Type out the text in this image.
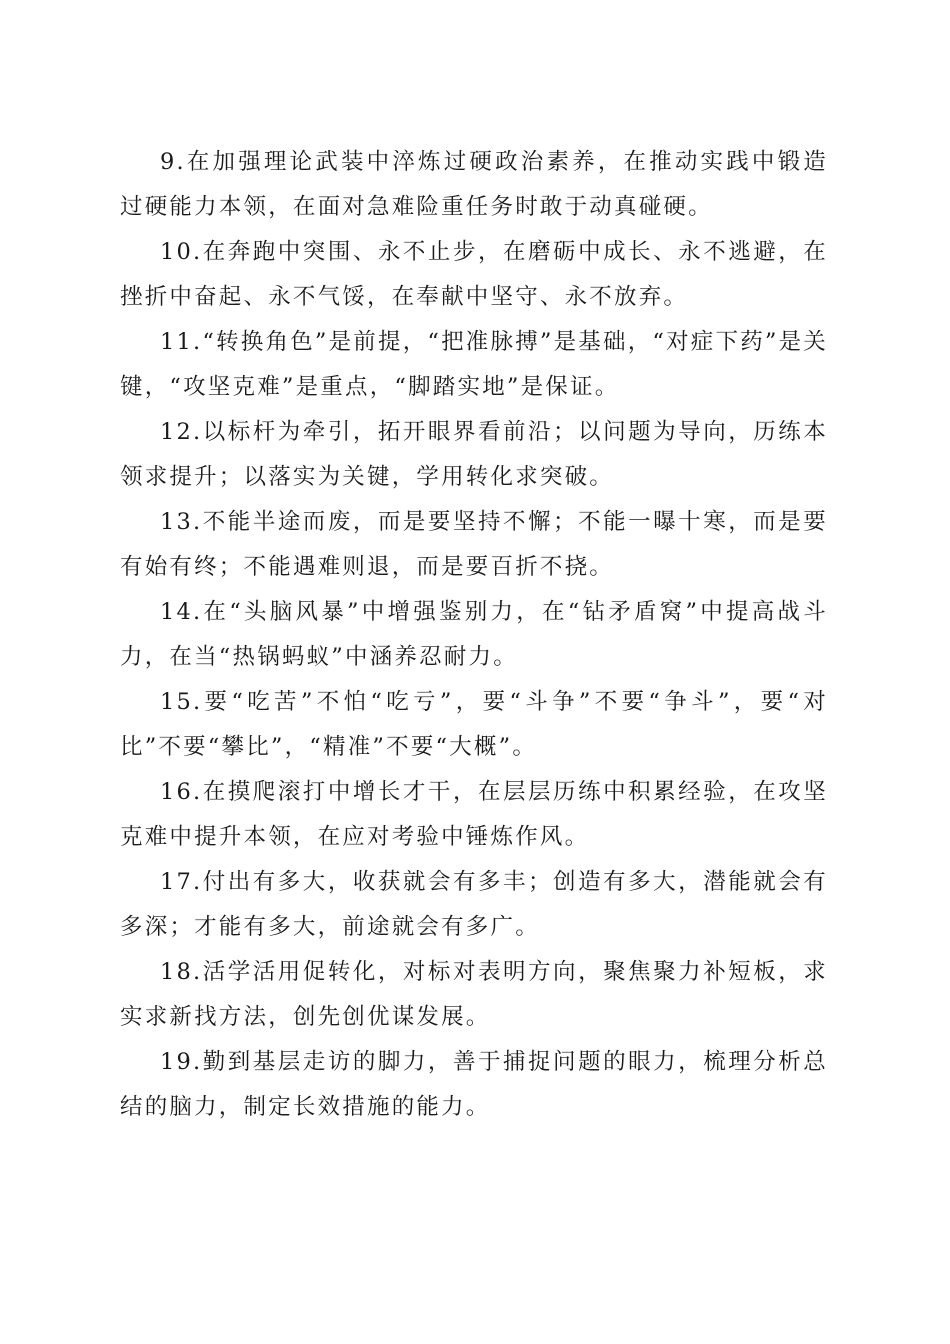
9.在加强理论武装中淬炼过硬政治素养，在推动实践中锻造过硬能力本领，在面对急难险重任务时敢于动真碰硬。

10.在奔跑中突围、永不止步，在磨砺中成长、永不逃避，在挫折中奋起、永不气馁，在奉献中坚守、永不放弃。

11.“转换角色”是前提，“把准脉搏”是基础，“对症下药”是关键，“攻坚克难”是重点，“脚踏实地”是保证。

12.以标杆为牵引，拓开眼界看前沿；以问题为导向，历练本领求提升；以落实为关键，学用转化求突破。

13.不能半途而废，而是要坚持不懈；不能一曝十寒，而是要有始有终；不能遇难则退，而是要百折不挠。

14.在“头脑风暴”中增强鉴别力，在“钻矛盾窝”中提高战斗力，在当“热锅蚂蚁”中涵养忍耐力。

15.要“吃苦”不怕“吃亏”，要“斗争”不要“争斗”，要“对比”不要“攀比”，“精准”不要“大概”。

16.在摸爬滚打中增长才干，在层层历练中积累经验，在攻坚克难中提升本领，在应对考验中锤炼作风。

17.付出有多大，收获就会有多丰；创造有多大，潜能就会有多深；才能有多大，前途就会有多广。

18.活学活用促转化，对标对表明方向，聚焦聚力补短板，求实求新找方法，创先创优谋发展。

19.勤到基层走访的脚力，善于捕捉问题的眼力，梳理分析总结的脑力，制定长效措施的能力。
